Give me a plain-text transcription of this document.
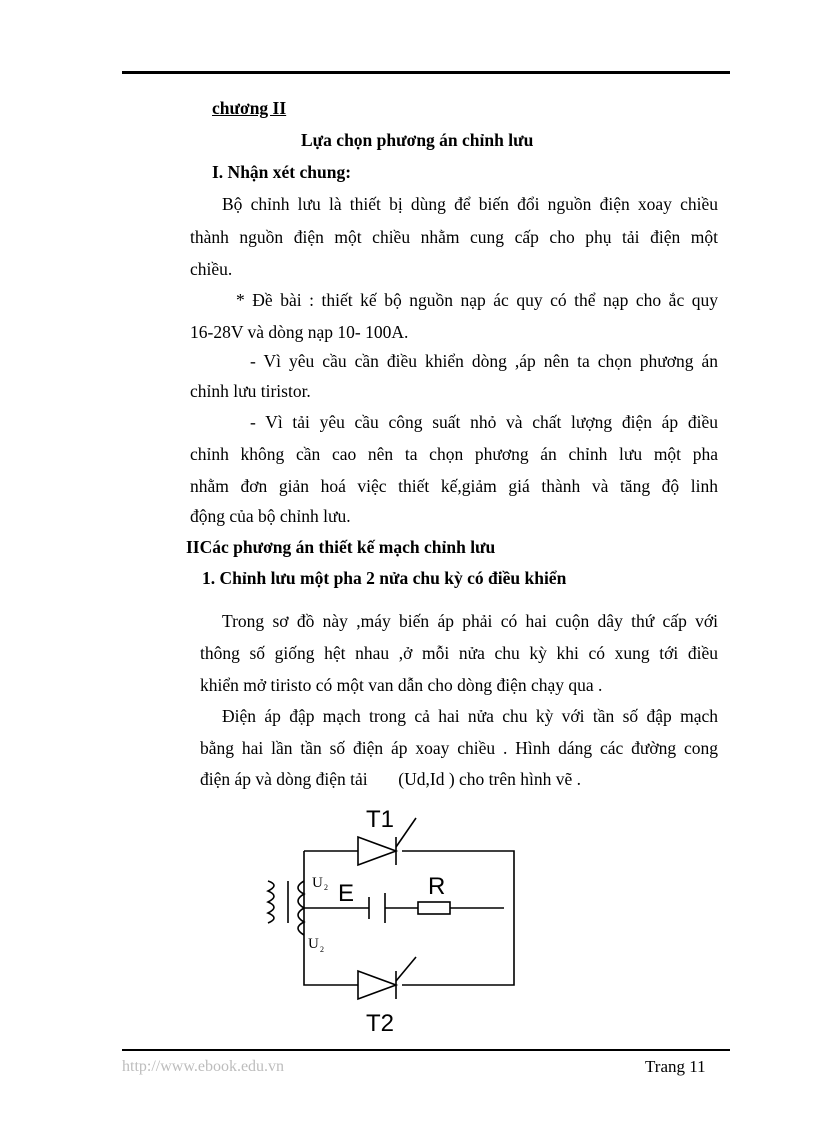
chương II
Lựa chọn phương án chỉnh lưu
I. Nhận xét chung:
Bộ chỉnh lưu là thiết bị dùng để biến đổi nguồn điện xoay chiều
thành nguồn điện một chiều nhằm cung cấp cho phụ tải điện một
chiều.
* Đề bài : thiết kế bộ nguồn nạp ác quy có thể nạp cho ắc quy
16-28V và dòng nạp 10- 100A.
- Vì yêu cầu cần điều khiển dòng ,áp nên ta chọn phương án
chỉnh lưu tiristor.
- Vì tải yêu cầu công suất nhỏ và chất lượng điện áp điều
chỉnh không cần cao nên ta chọn phương án chỉnh lưu một pha
nhằm đơn giản hoá việc thiết kế,giảm giá thành và tăng độ linh
động của bộ chỉnh lưu.
IICác phương án thiết kế mạch chỉnh lưu
1. Chỉnh lưu một pha 2 nửa chu kỳ có điều khiển
Trong sơ đồ này ,máy biến áp phải có hai cuộn dây thứ cấp với
thông số giống hệt nhau ,ở mỗi nửa chu kỳ khi có xung tới điều
khiển mở tiristo có một van dẫn cho dòng điện chạy qua .
Điện áp đập mạch trong cả hai nửa chu kỳ với tần số đập mạch
bằng hai lần tần số điện áp xoay chiều . Hình dáng các đường cong
điện áp và dòng điện tải       (Ud,Id ) cho trên hình vẽ .
T1
T2
E	R
U 2
U 2
http://www.ebook.edu.vn	Trang 11
